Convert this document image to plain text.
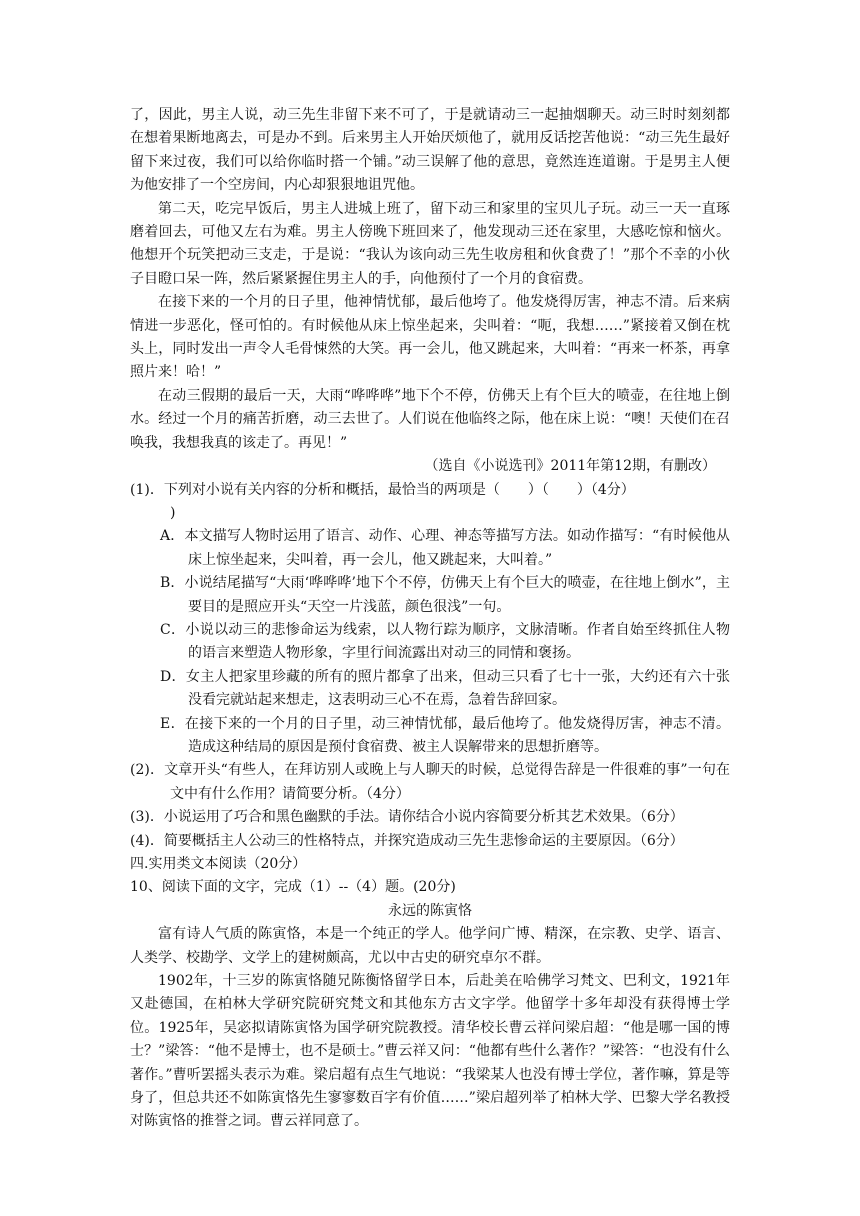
了，因此，男主人说，动三先生非留下来不可了，于是就请动三一起抽烟聊天。动三时时刻刻都在想着果断地离去，可是办不到。后来男主人开始厌烦他了，就用反话挖苦他说：“动三先生最好留下来过夜，我们可以给你临时搭一个铺。”动三误解了他的意思，竟然连连道谢。于是男主人便为他安排了一个空房间，内心却狠狠地诅咒他。

第二天，吃完早饭后，男主人进城上班了，留下动三和家里的宝贝儿子玩。动三一天一直琢磨着回去，可他又左右为难。男主人傍晚下班回来了，他发现动三还在家里，大感吃惊和恼火。他想开个玩笑把动三支走，于是说：“我认为该向动三先生收房租和伙食费了！”那个不幸的小伙子目瞪口呆一阵，然后紧紧握住男主人的手，向他预付了一个月的食宿费。

在接下来的一个月的日子里，他神情忧郁，最后他垮了。他发烧得厉害，神志不清。后来病情进一步恶化，怪可怕的。有时候他从床上惊坐起来，尖叫着：“呃，我想……”紧接着又倒在枕头上，同时发出一声令人毛骨悚然的大笑。再一会儿，他又跳起来，大叫着：“再来一杯茶，再拿照片来！哈！”

在动三假期的最后一天，大雨“哗哗哗”地下个不停，仿佛天上有个巨大的喷壶，在往地上倒水。经过一个月的痛苦折磨，动三去世了。人们说在他临终之际，他在床上说：“噢！天使们在召唤我，我想我真的该走了。再见！”

（选自《小说选刊》2011年第12期，有删改）

(1)．下列对小说有关内容的分析和概括，最恰当的两项是（　　）（　　）（4分）

)

A．本文描写人物时运用了语言、动作、心理、神态等描写方法。如动作描写：“有时候他从床上惊坐起来，尖叫着，再一会儿，他又跳起来，大叫着。”

B．小说结尾描写“大雨‘哗哗哗’地下个不停，仿佛天上有个巨大的喷壶，在往地上倒水”，主要目的是照应开头“天空一片浅蓝，颜色很浅”一句。

C．小说以动三的悲惨命运为线索，以人物行踪为顺序，文脉清晰。作者自始至终抓住人物的语言来塑造人物形象，字里行间流露出对动三的同情和褒扬。

D．女主人把家里珍藏的所有的照片都拿了出来，但动三只看了七十一张，大约还有六十张没看完就站起来想走，这表明动三心不在焉，急着告辞回家。

E．在接下来的一个月的日子里，动三神情忧郁，最后他垮了。他发烧得厉害，神志不清。造成这种结局的原因是预付食宿费、被主人误解带来的思想折磨等。

(2)．文章开头“有些人，在拜访别人或晚上与人聊天的时候，总觉得告辞是一件很难的事”一句在文中有什么作用？请简要分析。（4分）

(3)．小说运用了巧合和黑色幽默的手法。请你结合小说内容简要分析其艺术效果。（6分）

(4)．简要概括主人公动三的性格特点，并探究造成动三先生悲惨命运的主要原因。（6分）

四.实用类文本阅读（20分）

10、阅读下面的文字，完成（1）--（4）题。(20分)

永远的陈寅恪

富有诗人气质的陈寅恪，本是一个纯正的学人。他学问广博、精深，在宗教、史学、语言、人类学、校勘学、文学上的建树颇高，尤以中古史的研究卓尔不群。

1902年，十三岁的陈寅恪随兄陈衡恪留学日本，后赴美在哈佛学习梵文、巴利文，1921年又赴德国，在柏林大学研究院研究梵文和其他东方古文字学。他留学十多年却没有获得博士学位。1925年，吴宓拟请陈寅恪为国学研究院教授。清华校长曹云祥问梁启超：“他是哪一国的博士？”梁答：“他不是博士，也不是硕士。”曹云祥又问：“他都有些什么著作？”梁答：“也没有什么著作。”曹听罢摇头表示为难。梁启超有点生气地说：“我梁某人也没有博士学位，著作嘛，算是等身了，但总共还不如陈寅恪先生寥寥数百字有价值……”梁启超列举了柏林大学、巴黎大学名教授对陈寅恪的推誉之词。曹云祥同意了。
